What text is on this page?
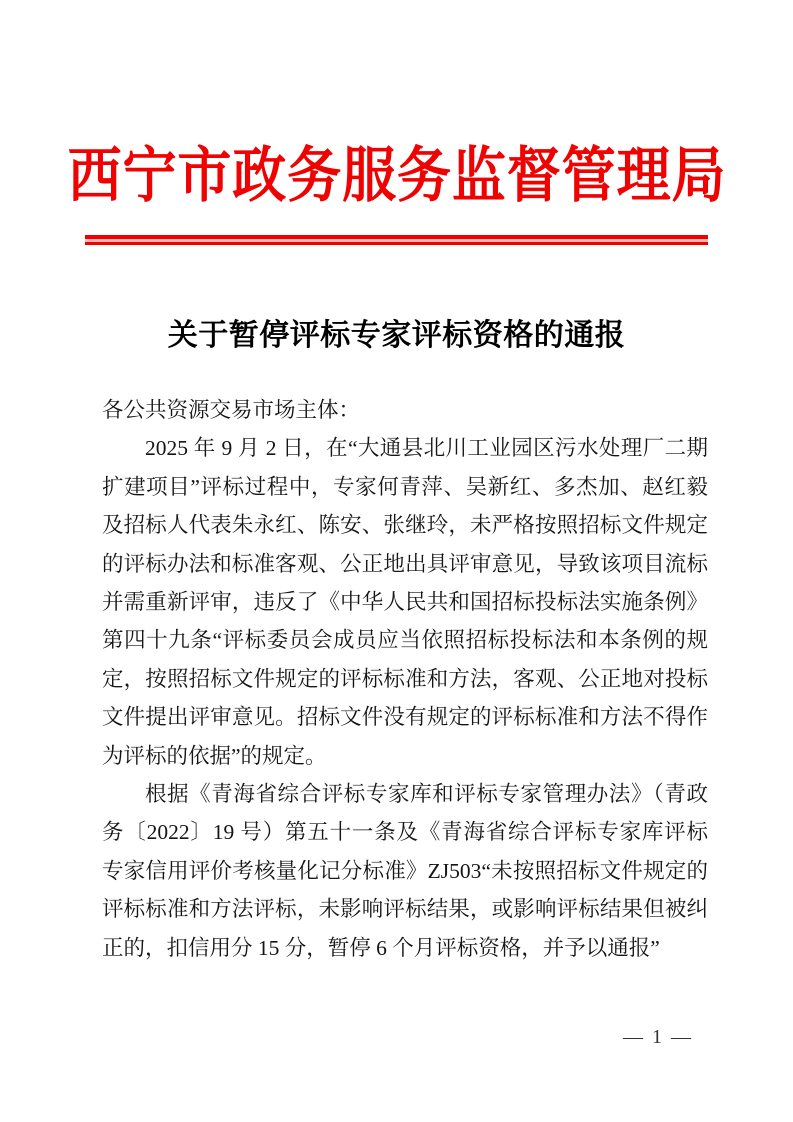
西宁市政务服务监督管理局
关于暂停评标专家评标资格的通报

各公共资源交易市场主体：

2025 年 9 月 2 日，在“大通县北川工业园区污水处理厂二期扩建项目”评标过程中，专家何青萍、吴新红、多杰加、赵红毅及招标人代表朱永红、陈安、张继玲，未严格按照招标文件规定的评标办法和标准客观、公正地出具评审意见，导致该项目流标并需重新评审，违反了《中华人民共和国招标投标法实施条例》第四十九条“评标委员会成员应当依照招标投标法和本条例的规定，按照招标文件规定的评标标准和方法，客观、公正地对投标文件提出评审意见。招标文件没有规定的评标标准和方法不得作为评标的依据”的规定。

根据《青海省综合评标专家库和评标专家管理办法》（青政务〔2022〕19 号）第五十一条及《青海省综合评标专家库评标专家信用评价考核量化记分标准》ZJ503“未按照招标文件规定的评标标准和方法评标，未影响评标结果，或影响评标结果但被纠正的，扣信用分 15 分，暂停 6 个月评标资格，并予以通报”

— 1 —
